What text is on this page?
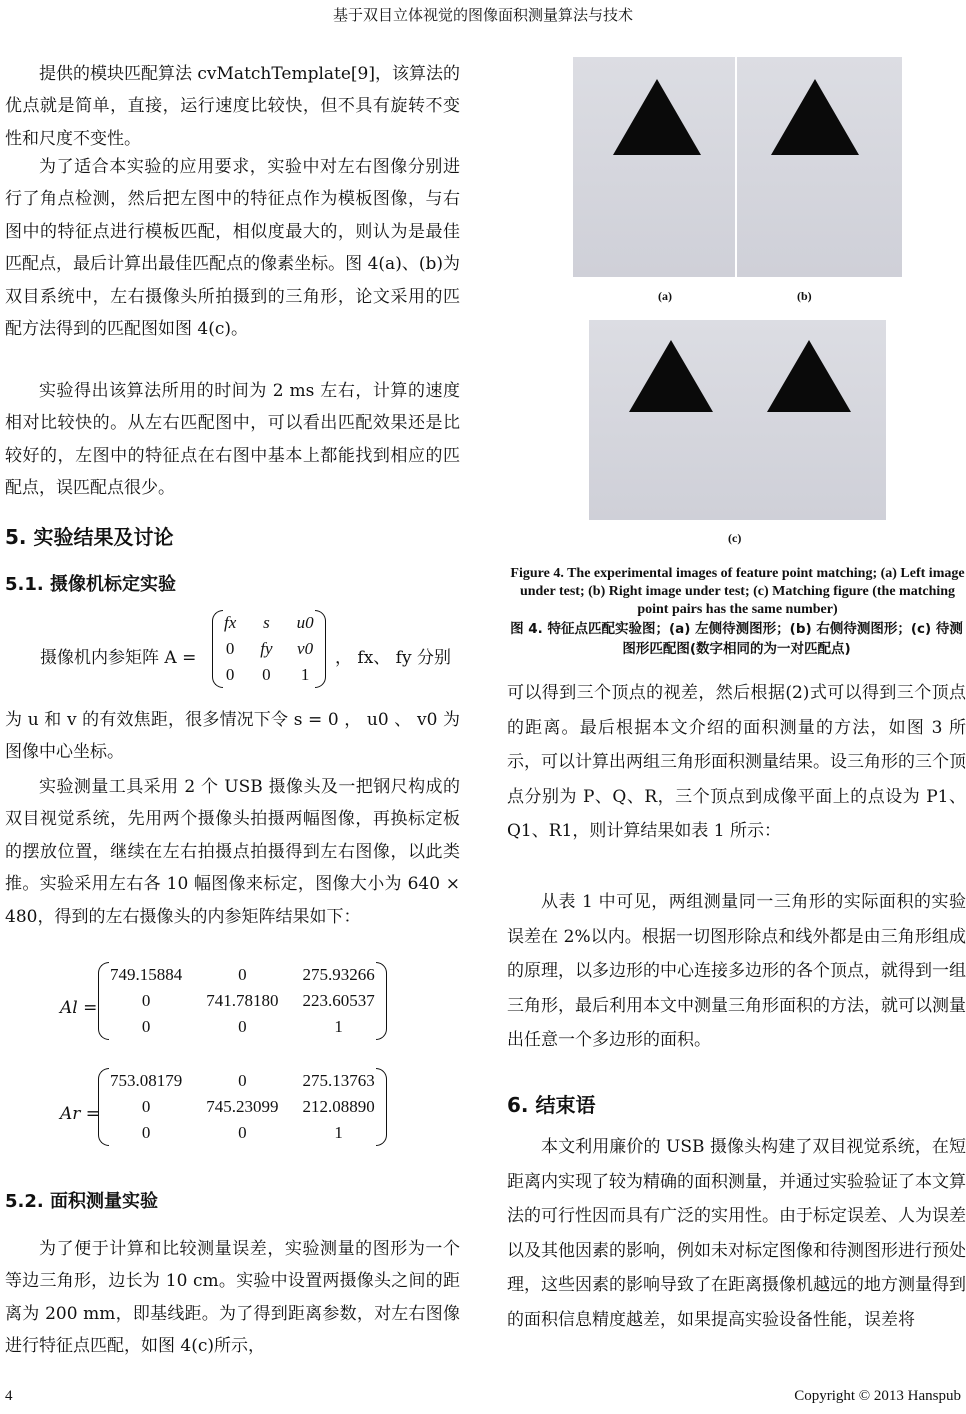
基于双目立体视觉的图像面积测量算法与技术
提供的模块匹配算法 cvMatchTemplate[9]，该算法的优点就是简单，直接，运行速度比较快，但不具有旋转不变性和尺度不变性。
为了适合本实验的应用要求，实验中对左右图像分别进行了角点检测，然后把左图中的特征点作为模板图像，与右图中的特征点进行模板匹配，相似度最大的，则认为是最佳匹配点，最后计算出最佳匹配点的像素坐标。图 4(a)、(b)为双目系统中，左右摄像头所拍摄到的三角形，论文采用的匹配方法得到的匹配图如图 4(c)。
实验得出该算法所用的时间为 2 ms 左右，计算的速度相对比较快的。从左右匹配图中，可以看出匹配效果还是比较好的，左图中的特征点在右图中基本上都能找到相应的匹配点，误匹配点很少。
5. 实验结果及讨论
5.1. 摄像机标定实验
摄像机内参矩阵 A =
fx	s	u0
0	fy	v0
0	0	1
， fx、 fy 分别
为 u 和 v 的有效焦距，很多情况下令 s = 0 ， u0 、 v0 为图像中心坐标。
实验测量工具采用 2 个 USB 摄像头及一把钢尺构成的双目视觉系统，先用两个摄像头拍摄两幅图像，再换标定板的摆放位置，继续在左右拍摄点拍摄得到左右图像，以此类推。实验采用左右各 10 幅图像来标定，图像大小为 640 × 480，得到的左右摄像头的内参矩阵结果如下：
Al =
749.15884	0	275.93266
0	741.78180	223.60537
0	0	1
Ar =
753.08179	0	275.13763
0	745.23099	212.08890
0	0	1
5.2. 面积测量实验
为了便于计算和比较测量误差，实验测量的图形为一个等边三角形，边长为 10 cm。实验中设置两摄像头之间的距离为 200 mm，即基线距。为了得到距离参数，对左右图像进行特征点匹配，如图 4(c)所示，
(a)	(b)
(c)
Figure 4. The experimental images of feature point matching; (a) Left image under test; (b) Right image under test; (c) Matching figure (the matching point pairs has the same number)
图 4. 特征点匹配实验图；(a) 左侧待测图形；(b) 右侧待测图形；(c) 待测图形匹配图(数字相同的为一对匹配点)
可以得到三个顶点的视差，然后根据(2)式可以得到三个顶点的距离。最后根据本文介绍的面积测量的方法，如图 3 所示，可以计算出两组三角形面积测量结果。设三角形的三个顶点分别为 P、Q、R，三个顶点到成像平面上的点设为 P1、Q1、R1，则计算结果如表 1 所示：
从表 1 中可见，两组测量同一三角形的实际面积的实验误差在 2%以内。根据一切图形除点和线外都是由三角形组成的原理，以多边形的中心连接多边形的各个顶点，就得到一组三角形，最后利用本文中测量三角形面积的方法，就可以测量出任意一个多边形的面积。
6. 结束语
本文利用廉价的 USB 摄像头构建了双目视觉系统，在短距离内实现了较为精确的面积测量，并通过实验验证了本文算法的可行性因而具有广泛的实用性。由于标定误差、人为误差以及其他因素的影响，例如未对标定图像和待测图形进行预处理，这些因素的影响导致了在距离摄像机越远的地方测量得到的面积信息精度越差，如果提高实验设备性能，误差将
4	Copyright © 2013 Hanspub
